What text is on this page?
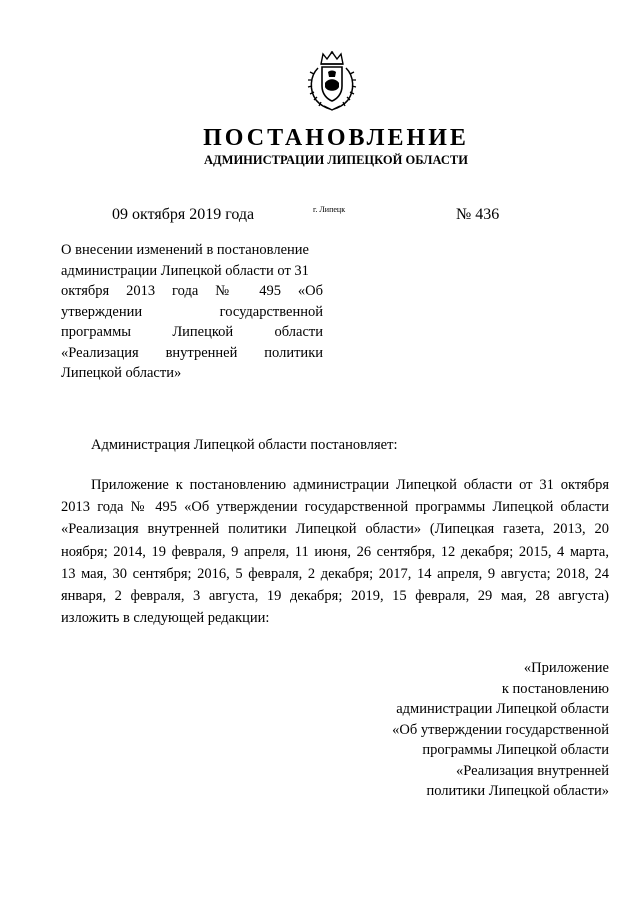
ПОСТАНОВЛЕНИЕ
АДМИНИСТРАЦИИ ЛИПЕЦКОЙ ОБЛАСТИ
09 октября 2019 года	г. Липецк	№ 436
О внесении изменений в постановление
администрации Липецкой области от 31
октября 2013 года № 495 «Об
утверждении государственной
программы Липецкой области
«Реализация внутренней политики
Липецкой области»
Администрация Липецкой области постановляет:
Приложение к постановлению администрации Липецкой области от 31 октября
2013 года № 495 «Об утверждении государственной программы Липецкой области
«Реализация внутренней политики Липецкой области» (Липецкая газета, 2013, 20
ноября; 2014, 19 февраля, 9 апреля, 11 июня, 26 сентября, 12 декабря; 2015, 4 марта,
13 мая, 30 сентября; 2016, 5 февраля, 2 декабря; 2017, 14 апреля, 9 августа; 2018, 24
января, 2 февраля, 3 августа, 19 декабря; 2019, 15 февраля, 29 мая, 28 августа)
изложить в следующей редакции:
«Приложение
к постановлению
администрации Липецкой области
«Об утверждении государственной
программы Липецкой области
«Реализация внутренней
политики Липецкой области»
